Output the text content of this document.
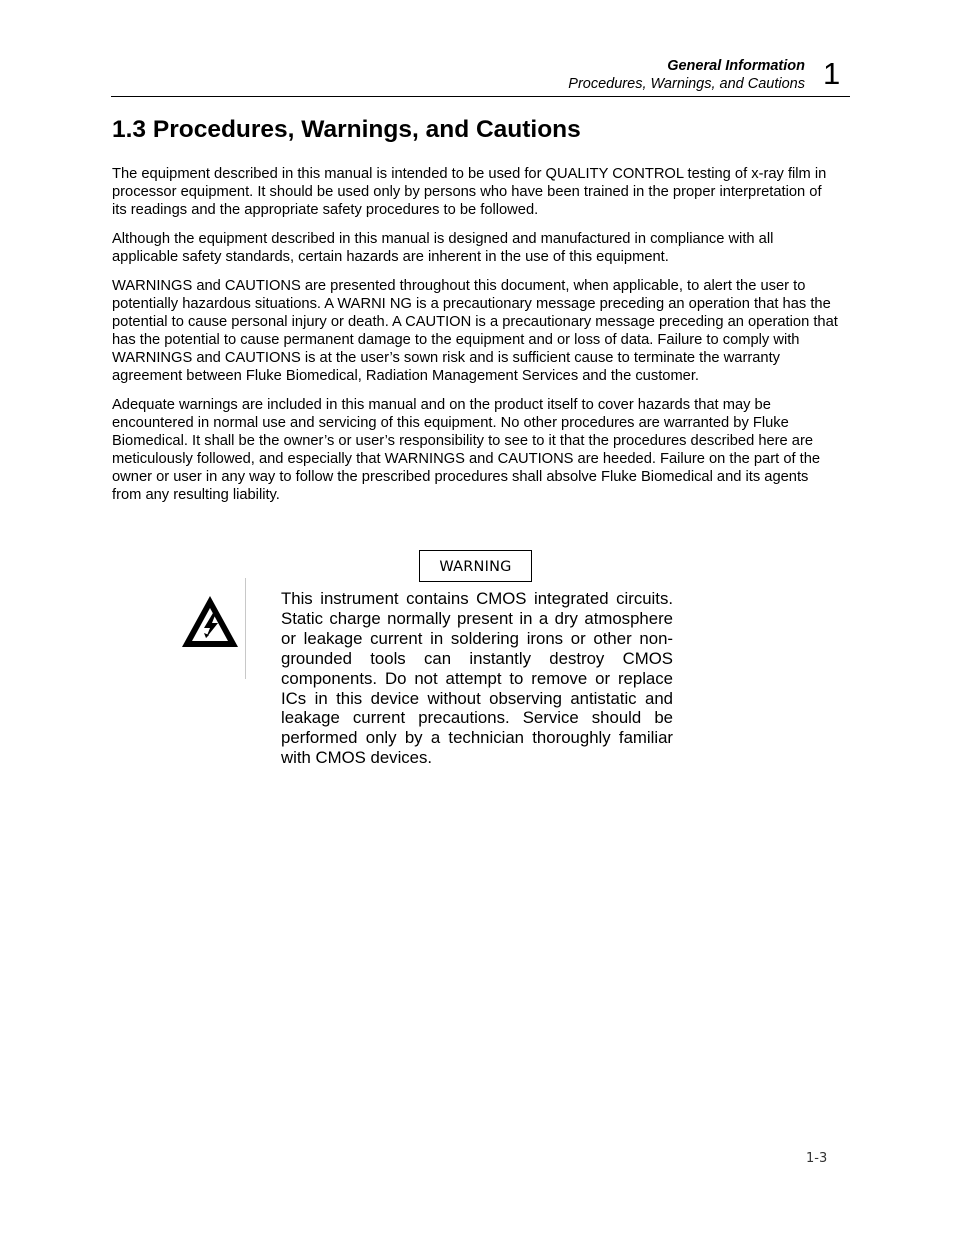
General Information
Procedures, Warnings, and Cautions 1
1.3 Procedures, Warnings, and Cautions

The equipment described in this manual is intended to be used for QUALITY CONTROL testing of x-ray film in processor equipment. It should be used only by persons who have been trained in the proper interpretation of its readings and the appropriate safety procedures to be followed.

Although the equipment described in this manual is designed and manufactured in compliance with all applicable safety standards, certain hazards are inherent in the use of this equipment.

WARNINGS and CAUTIONS are presented throughout this document, when applicable, to alert the user to potentially hazardous situations. A WARNI NG is a precautionary message preceding an operation that has the potential to cause personal injury or death. A CAUTION is a precautionary message preceding an operation that has the potential to cause permanent damage to the equipment and or loss of data. Failure to comply with WARNINGS and CAUTIONS is at the user’s sown risk and is sufficient cause to terminate the warranty agreement between Fluke Biomedical, Radiation Management Services and the customer.

Adequate warnings are included in this manual and on the product itself to cover hazards that may be encountered in normal use and servicing of this equipment. No other procedures are warranted by Fluke Biomedical. It shall be the owner’s or user’s responsibility to see to it that the procedures described here are meticulously followed, and especially that WARNINGS and CAUTIONS are heeded. Failure on the part of the owner or user in any way to follow the prescribed procedures shall absolve Fluke Biomedical and its agents from any resulting liability.

WARNING
This instrument contains CMOS integrated circuits. Static charge normally present in a dry atmosphere or leakage current in soldering irons or other non-grounded tools can instantly destroy CMOS components. Do not attempt to remove or replace ICs in this device without observing antistatic and leakage current precautions. Service should be performed only by a technician thoroughly familiar with CMOS devices.
1-3
